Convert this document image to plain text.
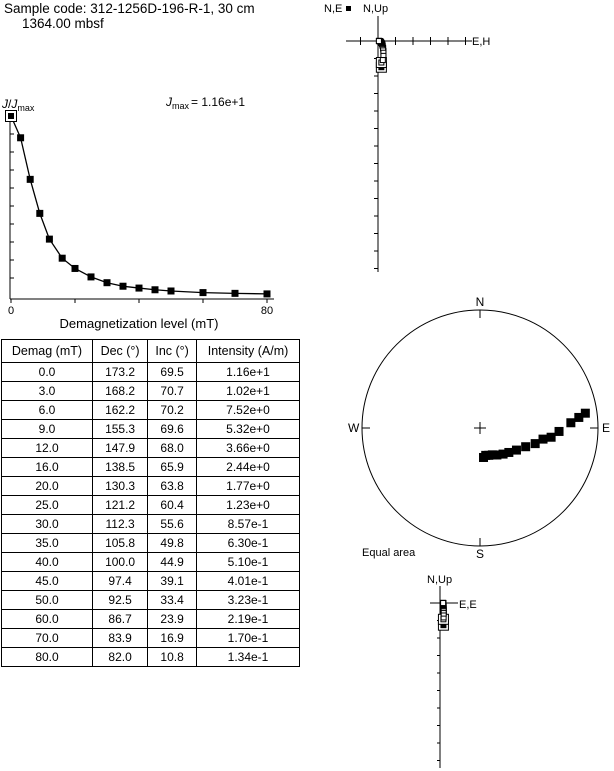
Sample code: 312-1256D-196-R-1, 30 cm
1364.00 mbsf
$J/J_{max}$	$J_{max} = 1.16e+1$
0	80
Demagnetization level (mT)
N,E N,Up
E,H
N
S
E
W
Equal area
N,Up
E,E
Demag (mT)	Dec (°)	Inc (°)	Intensity (A/m)
0.0	173.2	69.5	1.16e+1
3.0	168.2	70.7	1.02e+1
6.0	162.2	70.2	7.52e+0
9.0	155.3	69.6	5.32e+0
12.0	147.9	68.0	3.66e+0
16.0	138.5	65.9	2.44e+0
20.0	130.3	63.8	1.77e+0
25.0	121.2	60.4	1.23e+0
30.0	112.3	55.6	8.57e-1
35.0	105.8	49.8	6.30e-1
40.0	100.0	44.9	5.10e-1
45.0	97.4	39.1	4.01e-1
50.0	92.5	33.4	3.23e-1
60.0	86.7	23.9	2.19e-1
70.0	83.9	16.9	1.70e-1
80.0	82.0	10.8	1.34e-1
